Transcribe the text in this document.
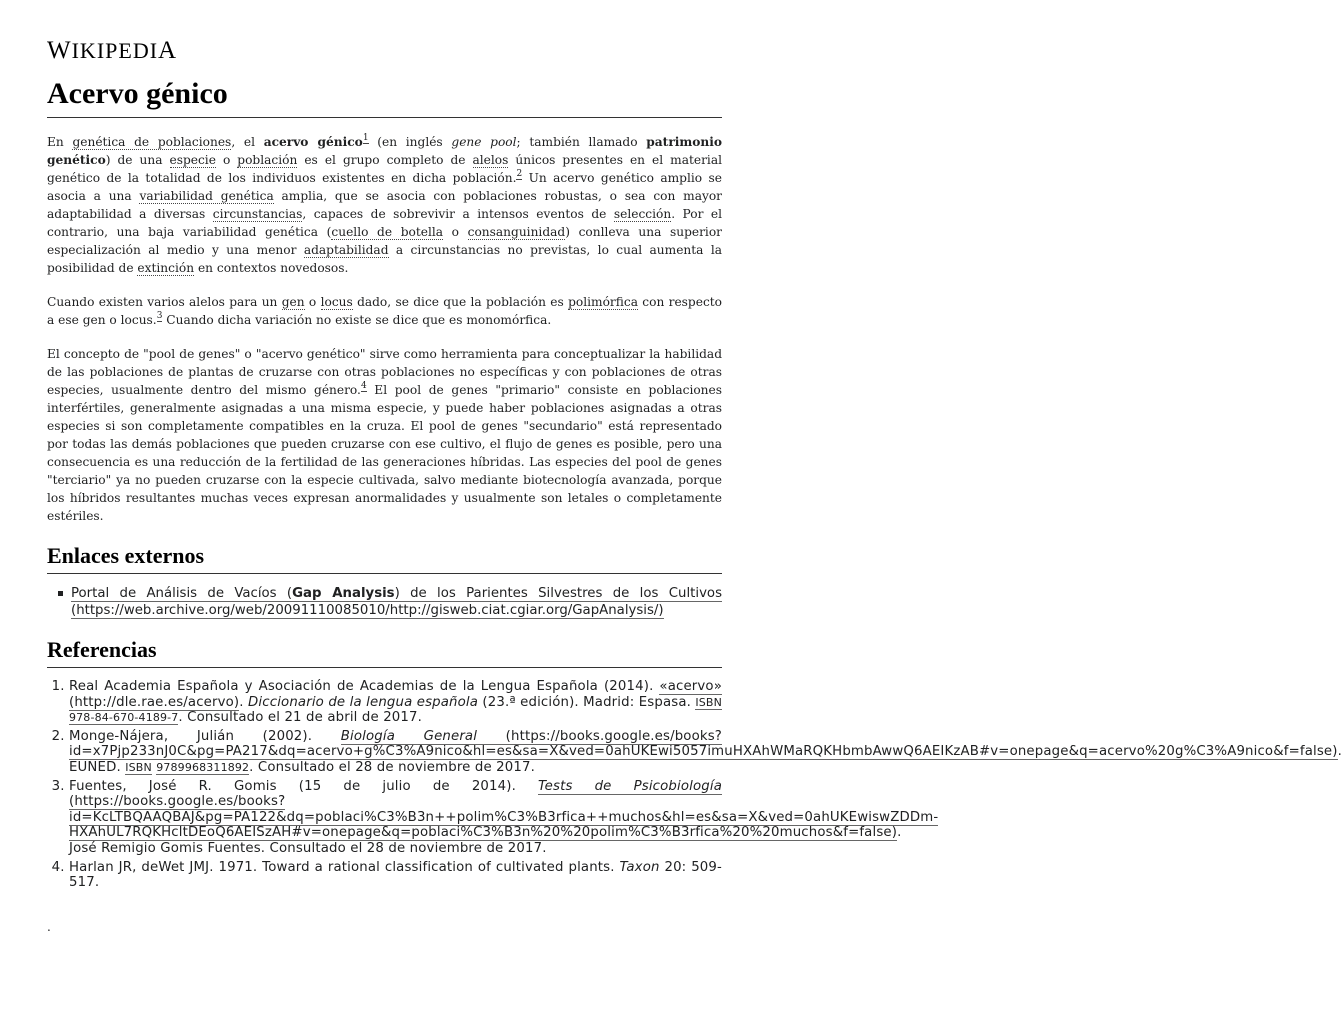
WIKIPEDIA
Acervo génico

En genética de poblaciones, el acervo génico$^1$ (en inglés gene pool; también llamado patrimonio genético) de una especie o población es el grupo completo de alelos únicos presentes en el material genético de la totalidad de los individuos existentes en dicha población.$^2$ Un acervo genético amplio se asocia a una variabilidad genética amplia, que se asocia con poblaciones robustas, o sea con mayor adaptabilidad a diversas circunstancias, capaces de sobrevivir a intensos eventos de selección. Por el contrario, una baja variabilidad genética (cuello de botella o consanguinidad) conlleva una superior especialización al medio y una menor adaptabilidad a circunstancias no previstas, lo cual aumenta la posibilidad de extinción en contextos novedosos.

Cuando existen varios alelos para un gen o locus dado, se dice que la población es polimórfica con respecto a ese gen o locus.$^3$ Cuando dicha variación no existe se dice que es monomórfica.

El concepto de "pool de genes" o "acervo genético" sirve como herramienta para conceptualizar la habilidad de las poblaciones de plantas de cruzarse con otras poblaciones no específicas y con poblaciones de otras especies, usualmente dentro del mismo género.$^4$ El pool de genes "primario" consiste en poblaciones interfértiles, generalmente asignadas a una misma especie, y puede haber poblaciones asignadas a otras especies si son completamente compatibles en la cruza. El pool de genes "secundario" está representado por todas las demás poblaciones que pueden cruzarse con ese cultivo, el flujo de genes es posible, pero una consecuencia es una reducción de la fertilidad de las generaciones híbridas. Las especies del pool de genes "terciario" ya no pueden cruzarse con la especie cultivada, salvo mediante biotecnología avanzada, porque los híbridos resultantes muchas veces expresan anormalidades y usualmente son letales o completamente estériles.

Enlaces externos
Portal de Análisis de Vacíos (Gap Analysis) de los Parientes Silvestres de los Cultivos (https://web.archive.org/web/20091110085010/http://gisweb.ciat.cgiar.org/GapAnalysis/)
Referencias
1. Real Academia Española y Asociación de Academias de la Lengua Española (2014). «acervo» (http://dle.rae.es/acervo). Diccionario de la lengua española (23.ª edición). Madrid: Espasa. ISBN 978-84-670-4189-7. Consultado el 21 de abril de 2017.
2. Monge-Nájera, Julián (2002). Biología General (https://books.google.es/books?id=x7Pjp233nJ0C&pg=PA217&dq=acervo+g%C3%A9nico&hl=es&sa=X&ved=0ahUKEwi5057imuHXAhWMaRQKHbmbAwwQ6AEIKzAB#v=onepage&q=acervo%20g%C3%A9nico&f=false). EUNED. ISBN 9789968311892. Consultado el 28 de noviembre de 2017.
3. Fuentes, José R. Gomis (15 de julio de 2014). Tests de Psicobiología (https://books.google.es/books?id=KcLTBQAAQBAJ&pg=PA122&dq=poblaci%C3%B3n++polim%C3%B3rfica++muchos&hl=es&sa=X&ved=0ahUKEwiswZDDm-HXAhUL7RQKHcltDEoQ6AEISzAH#v=onepage&q=poblaci%C3%B3n%20%20polim%C3%B3rfica%20%20muchos&f=false). José Remigio Gomis Fuentes. Consultado el 28 de noviembre de 2017.
4. Harlan JR, deWet JMJ. 1971. Toward a rational classification of cultivated plants. Taxon 20: 509-517.
.
